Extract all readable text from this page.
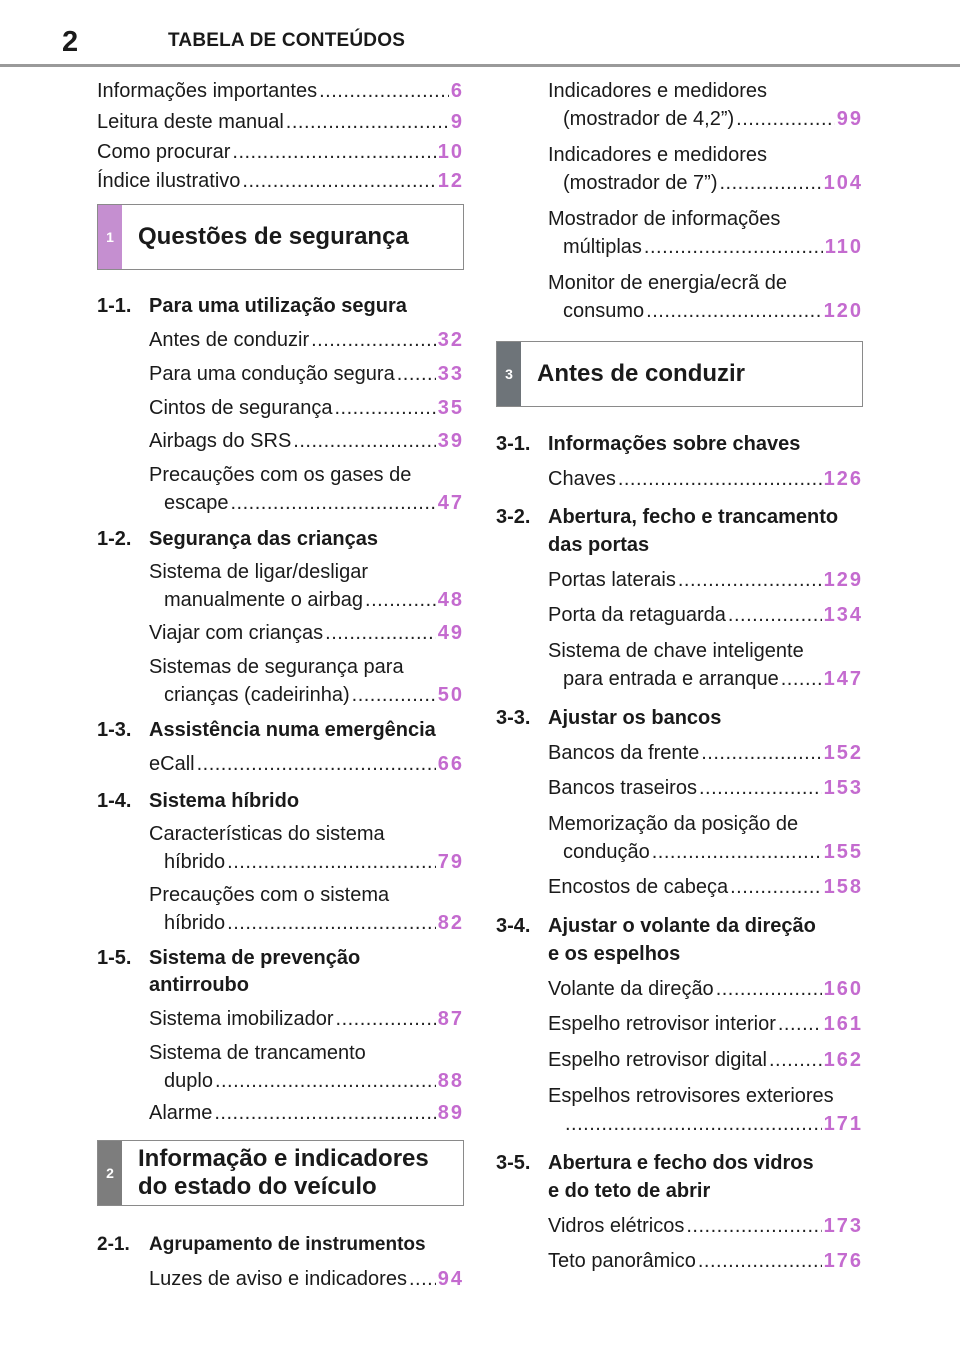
2	TABELA DE CONTEÚDOS
Informações importantes .....	6
Leitura deste manual .....	9
Como procurar .....	10
Índice ilustrativo .....	12
1	Questões de segurança
1-1. Para uma utilização segura
Antes de conduzir .....	32
Para uma condução segura ..... 33
Cintos de segurança .....	35
Airbags do SRS .....	39
Precauções com os gases de
escape .....	47
1-2. Segurança das crianças
Sistema de ligar/desligar
manualmente o airbag .....	48
Viajar com crianças .....	49
Sistemas de segurança para
crianças (cadeirinha) .....	50
1-3. Assistência numa emergência
eCall .....	66
1-4. Sistema híbrido
Características do sistema
híbrido .....	79
Precauções com o sistema
híbrido .....	82
1-5. Sistema de prevenção
antirroubo
Sistema imobilizador .....	87
Sistema de trancamento
duplo .....	88
Alarme .....	89
2
Informação e indicadores
do estado do veículo
2-1.	Agrupamento de instrumentos
Luzes de aviso e indicadores ..... 94
Indicadores e medidores
(mostrador de 4,2”) .....	99
Indicadores e medidores
(mostrador de 7”) .....	104
Mostrador de informações
múltiplas .....	110
Monitor de energia/ecrã de
consumo .....	120
3	Antes de conduzir
3-1. Informações sobre chaves
Chaves .....	126
3-2. Abertura, fecho e trancamento
das portas
Portas laterais .....	129
Porta da retaguarda .....	134
Sistema de chave inteligente
para entrada e arranque ..... 147
3-3. Ajustar os bancos
Bancos da frente .....	152
Bancos traseiros .....	153
Memorização da posição de
condução .....	155
Encostos de cabeça .....	158
3-4. Ajustar o volante da direção
e os espelhos
Volante da direção .....	160
Espelho retrovisor interior ..... 161
Espelho retrovisor digital .....	162
Espelhos retrovisores exteriores
.....
171
3-5. Abertura e fecho dos vidros
e do teto de abrir
Vidros elétricos .....	173
Teto panorâmico .....	176
